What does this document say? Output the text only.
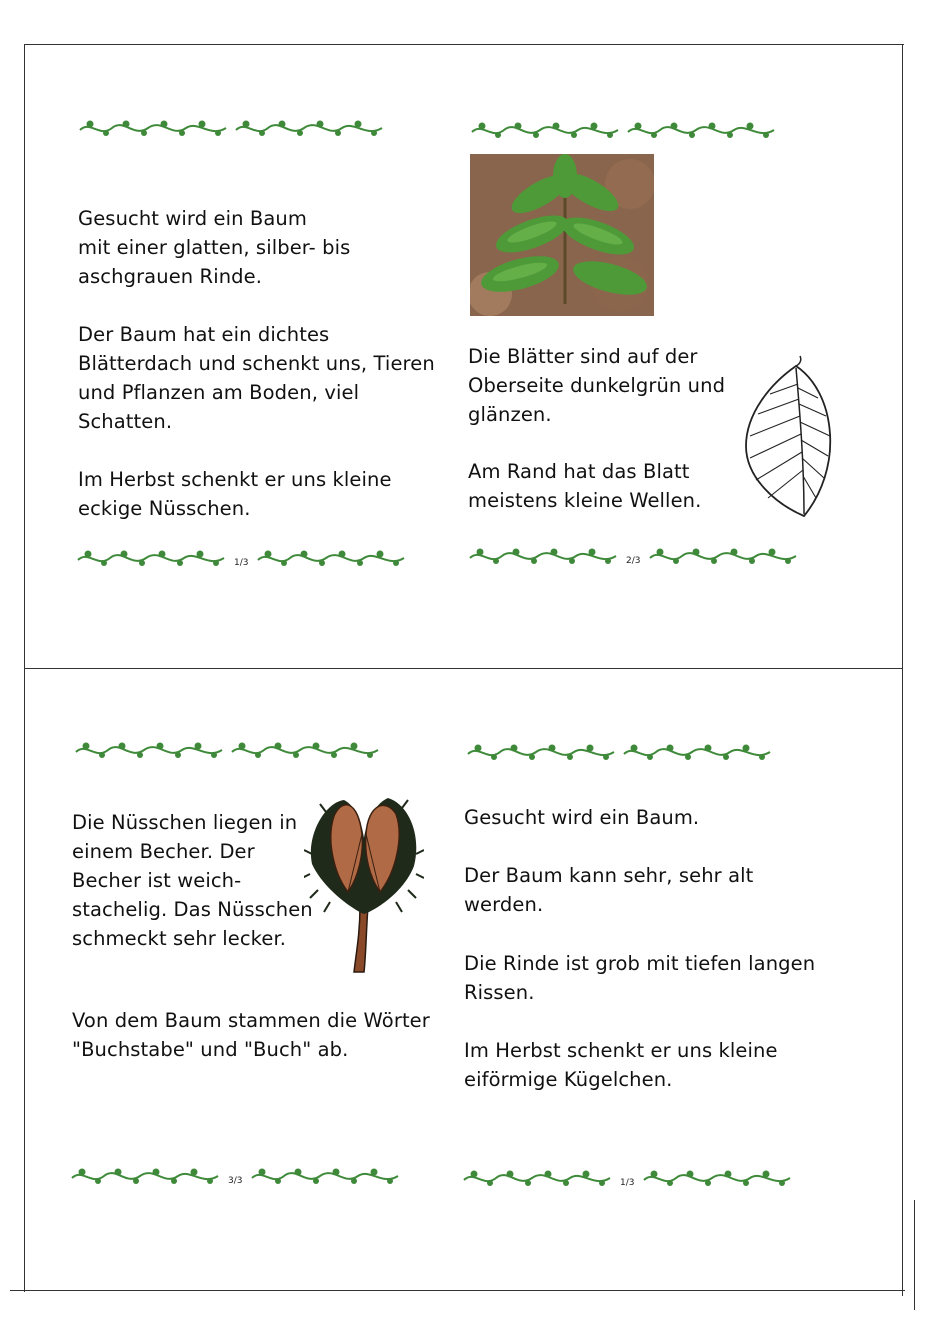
Gesucht wird ein Baum
mit einer glatten, silber- bis
aschgrauen Rinde.
Der Baum hat ein dichtes
Blätterdach und schenkt uns, Tieren
und Pflanzen am Boden, viel
Schatten.
Im Herbst schenkt er uns kleine
eckige Nüsschen.
1/3
Die Blätter sind auf der
Oberseite dunkelgrün und
glänzen.
Am Rand hat das Blatt
meistens kleine Wellen.
2/3
Die Nüsschen liegen in
einem Becher. Der
Becher ist weich-
stachelig. Das Nüsschen
schmeckt sehr lecker.
Von dem Baum stammen die Wörter
"Buchstabe" und "Buch" ab.
3/3
Gesucht wird ein Baum.
Der Baum kann sehr, sehr alt
werden.
Die Rinde ist grob mit tiefen langen
Rissen.
Im Herbst schenkt er uns kleine
eiförmige Kügelchen.
1/3
